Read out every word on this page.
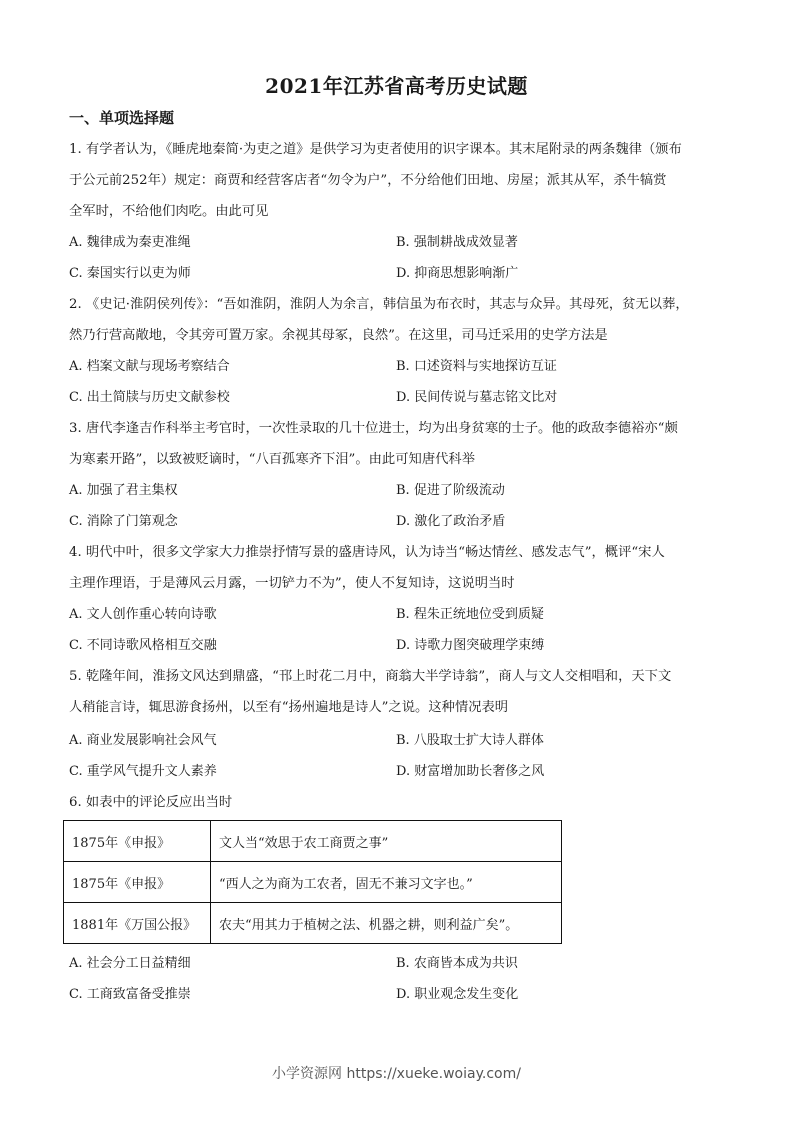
2021年江苏省高考历史试题
一、单项选择题
1. 有学者认为，《睡虎地秦简·为吏之道》是供学习为吏者使用的识字课本。其末尾附录的两条魏律（颁布
于公元前252年）规定：商贾和经营客店者“勿令为户”，不分给他们田地、房屋；派其从军，杀牛犒赏
全军时，不给他们肉吃。由此可见
A. 魏律成为秦吏准绳	B. 强制耕战成效显著
C. 秦国实行以吏为师	D. 抑商思想影响渐广
2. 《史记·淮阴侯列传》：“吾如淮阴，淮阴人为余言，韩信虽为布衣时，其志与众异。其母死，贫无以葬，
然乃行营高敞地，令其旁可置万家。余视其母冢，良然”。在这里，司马迁采用的史学方法是
A. 档案文献与现场考察结合	B. 口述资料与实地探访互证
C. 出土简牍与历史文献参校	D. 民间传说与墓志铭文比对
3. 唐代李逢吉作科举主考官时，一次性录取的几十位进士，均为出身贫寒的士子。他的政敌李德裕亦“颇
为寒素开路”，以致被贬谪时，“八百孤寒齐下泪”。由此可知唐代科举
A. 加强了君主集权	B. 促进了阶级流动
C. 消除了门第观念	D. 激化了政治矛盾
4. 明代中叶，很多文学家大力推崇抒情写景的盛唐诗风，认为诗当“畅达情丝、感发志气”，概评“宋人
主理作理语，于是薄风云月露，一切铲力不为”，使人不复知诗，这说明当时
A. 文人创作重心转向诗歌	B. 程朱正统地位受到质疑
C. 不同诗歌风格相互交融	D. 诗歌力图突破理学束缚
5. 乾隆年间，淮扬文风达到鼎盛，“邗上时花二月中，商翁大半学诗翁”，商人与文人交相唱和，天下文
人稍能言诗，辄思游食扬州，以至有“扬州遍地是诗人”之说。这种情况表明
A. 商业发展影响社会风气	B. 八股取士扩大诗人群体
C. 重学风气提升文人素养	D. 财富增加助长奢侈之风
6. 如表中的评论反应出当时
1875年《申报》	文人当“效思于农工商贾之事”
1875年《申报》	“西人之为商为工农者，固无不兼习文字也。”
1881年《万国公报》	农夫“用其力于植树之法、机器之耕，则利益广矣”。
A. 社会分工日益精细	B. 农商皆本成为共识
C. 工商致富备受推崇	D. 职业观念发生变化
小学资源网 https://xueke.woiay.com/
